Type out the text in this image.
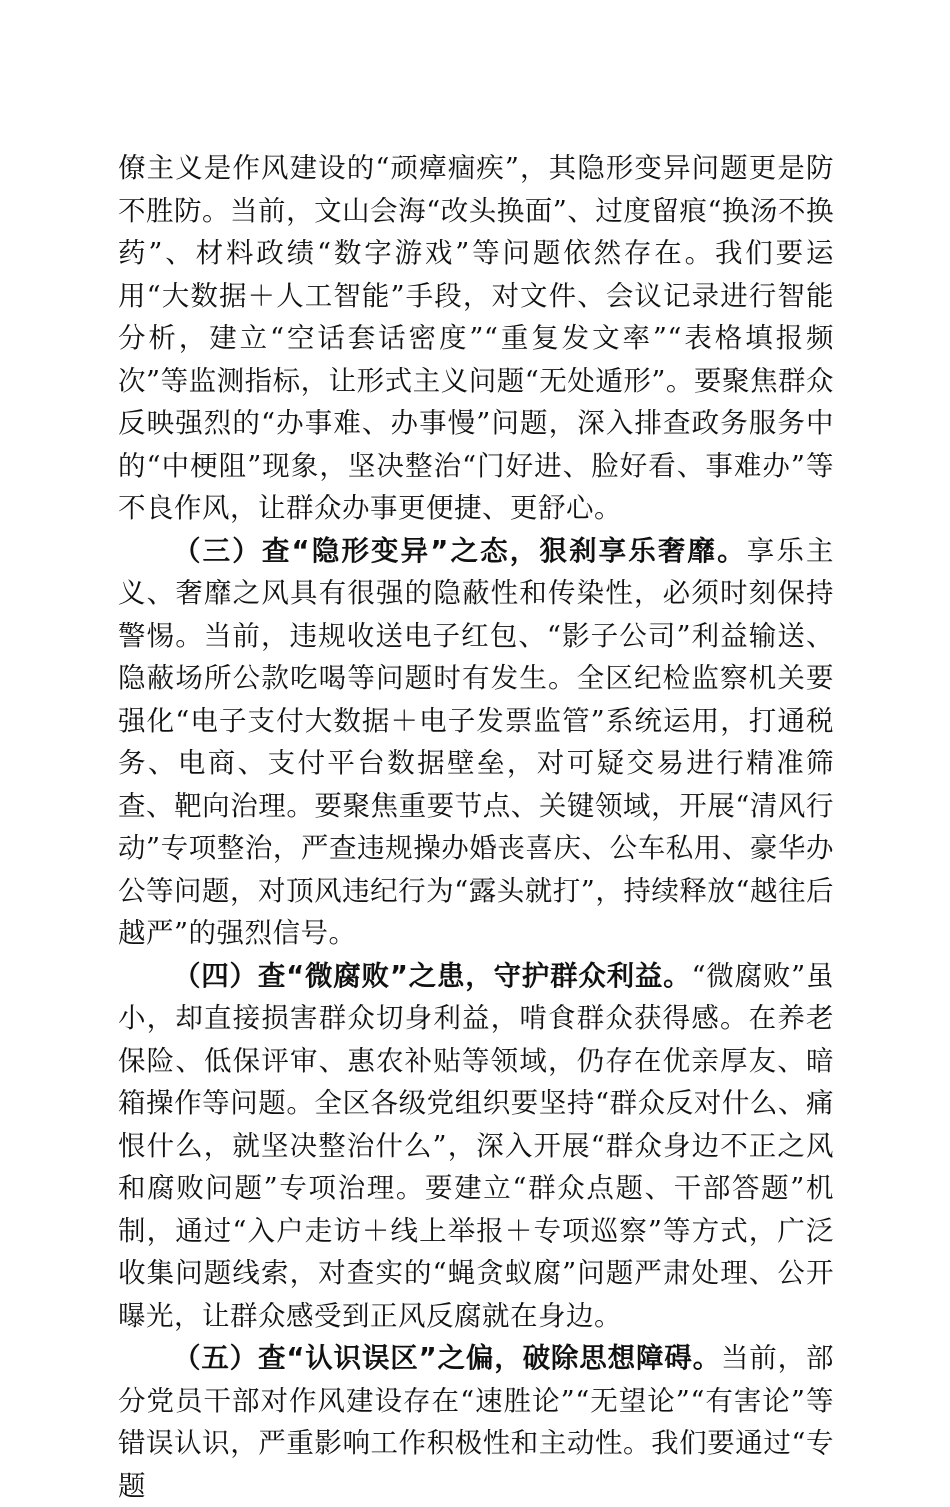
僚主义是作风建设的“顽瘴痼疾”，其隐形变异问题更是防不胜防。当前，文山会海“改头换面”、过度留痕“换汤不换药”、材料政绩“数字游戏”等问题依然存在。我们要运用“大数据＋人工智能”手段，对文件、会议记录进行智能分析，建立“空话套话密度”“重复发文率”“表格填报频次”等监测指标，让形式主义问题“无处遁形”。要聚焦群众反映强烈的“办事难、办事慢”问题，深入排查政务服务中的“中梗阻”现象，坚决整治“门好进、脸好看、事难办”等不良作风，让群众办事更便捷、更舒心。

（三）查“隐形变异”之态，狠刹享乐奢靡。享乐主义、奢靡之风具有很强的隐蔽性和传染性，必须时刻保持警惕。当前，违规收送电子红包、“影子公司”利益输送、隐蔽场所公款吃喝等问题时有发生。全区纪检监察机关要强化“电子支付大数据＋电子发票监管”系统运用，打通税务、电商、支付平台数据壁垒，对可疑交易进行精准筛查、靶向治理。要聚焦重要节点、关键领域，开展“清风行动”专项整治，严查违规操办婚丧喜庆、公车私用、豪华办公等问题，对顶风违纪行为“露头就打”，持续释放“越往后越严”的强烈信号。

（四）查“微腐败”之患，守护群众利益。“微腐败”虽小，却直接损害群众切身利益，啃食群众获得感。在养老保险、低保评审、惠农补贴等领域，仍存在优亲厚友、暗箱操作等问题。全区各级党组织要坚持“群众反对什么、痛恨什么，就坚决整治什么”，深入开展“群众身边不正之风和腐败问题”专项治理。要建立“群众点题、干部答题”机制，通过“入户走访＋线上举报＋专项巡察”等方式，广泛收集问题线索，对查实的“蝇贪蚁腐”问题严肃处理、公开曝光，让群众感受到正风反腐就在身边。

（五）查“认识误区”之偏，破除思想障碍。当前，部分党员干部对作风建设存在“速胜论”“无望论”“有害论”等错误认识，严重影响工作积极性和主动性。我们要通过“专题
